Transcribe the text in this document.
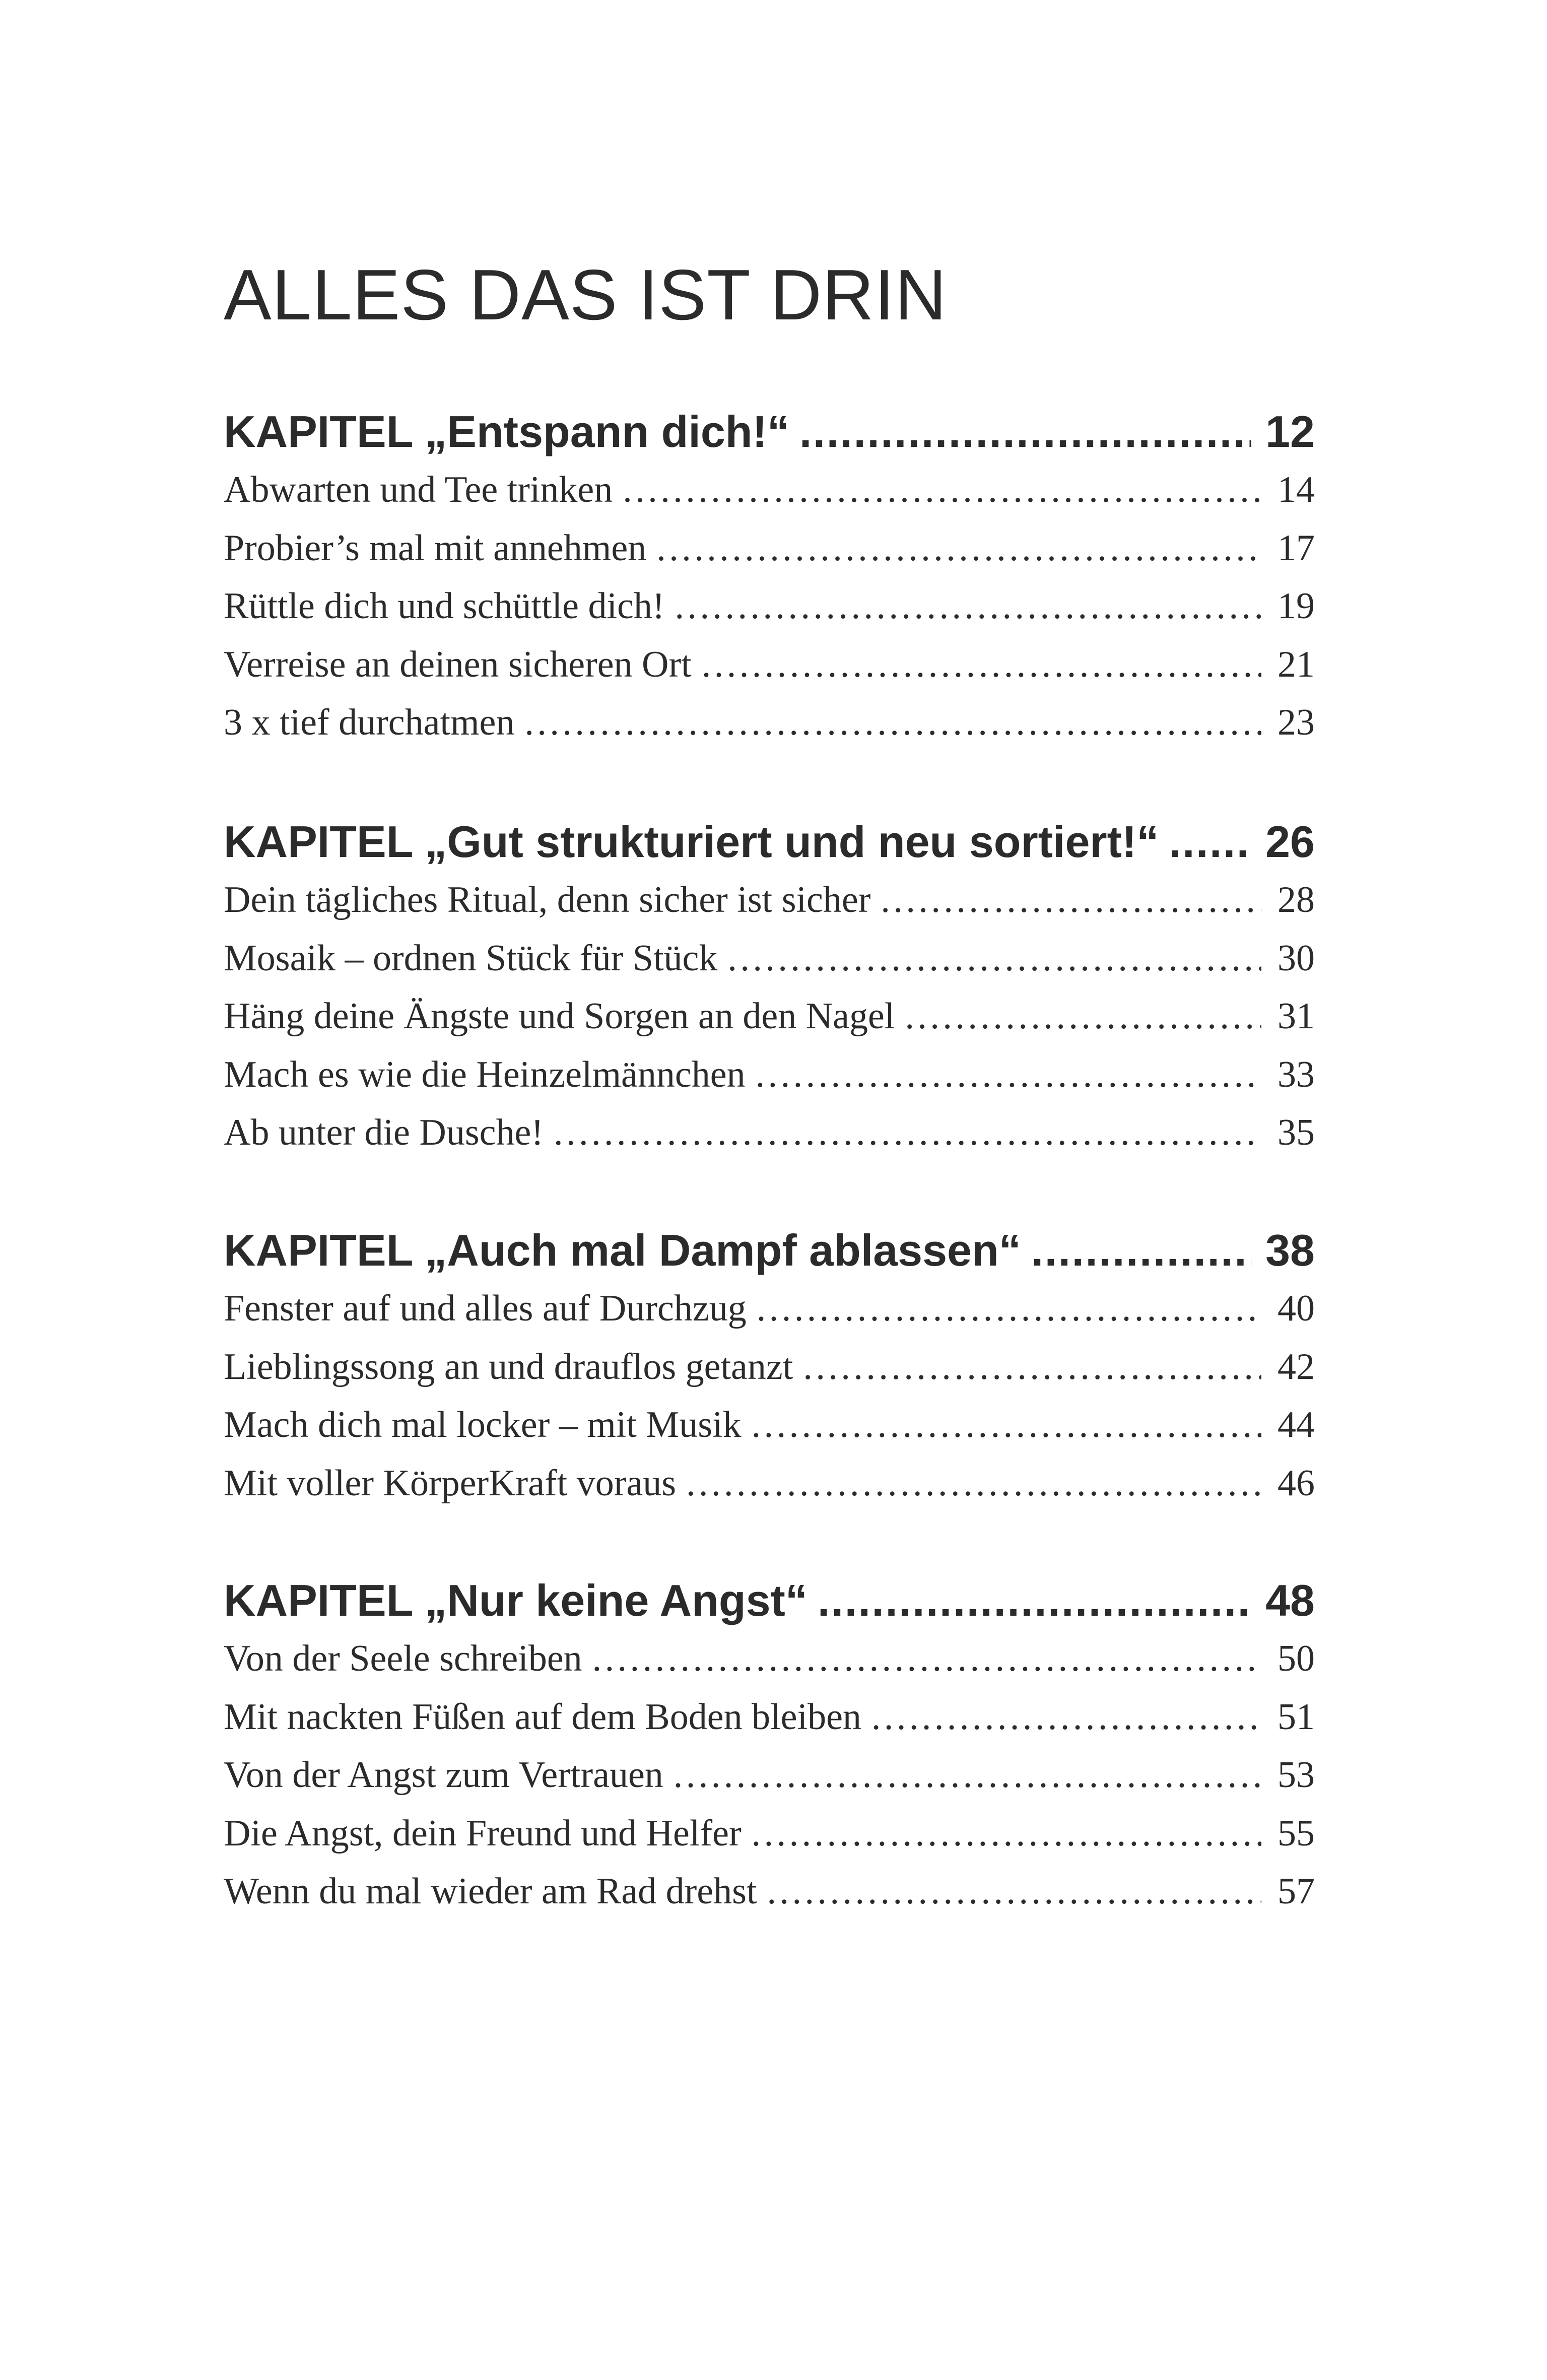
ALLES DAS IST DRIN
KAPITEL „Entspann dich!“ . . .	12
Abwarten und Tee trinken . . .	14
Probier’s mal mit annehmen . . .	17
Rüttle dich und schüttle dich! . . .	19
Verreise an deinen sicheren Ort . . .	21
3 x tief durchatmen . . .	23
KAPITEL „Gut strukturiert und neu sortiert!“ . . . 26
Dein tägliches Ritual, denn sicher ist sicher . . .	28
Mosaik – ordnen Stück für Stück . . .	30
Häng deine Ängste und Sorgen an den Nagel . . .	31
Mach es wie die Heinzelmännchen . . .	33
Ab unter die Dusche! . . .	35
KAPITEL „Auch mal Dampf ablassen“ . . .	38
Fenster auf und alles auf Durchzug . . .	40
Lieblingssong an und drauflos getanzt . . .	42
Mach dich mal locker – mit Musik . . .	44
Mit voller KörperKraft voraus . . .	46
KAPITEL „Nur keine Angst“ . . .	48
Von der Seele schreiben . . .	50
Mit nackten Füßen auf dem Boden bleiben . . .	51
Von der Angst zum Vertrauen . . .	53
Die Angst, dein Freund und Helfer . . .	55
Wenn du mal wieder am Rad drehst . . .	57
